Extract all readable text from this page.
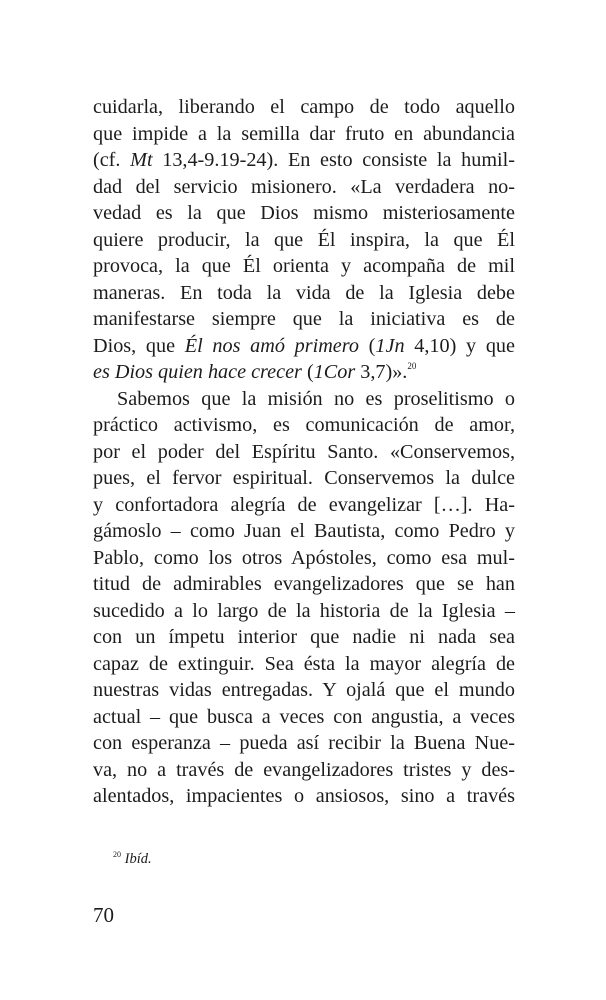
cuidarla, liberando el campo de todo aquello
que impide a la semilla dar fruto en abundancia
(cf. Mt 13,4-9.19-24). En esto consiste la humil-
dad del servicio misionero. «La verdadera no-
vedad es la que Dios mismo misteriosamente
quiere producir, la que Él inspira, la que Él
provoca, la que Él orienta y acompaña de mil
maneras. En toda la vida de la Iglesia debe
manifestarse siempre que la iniciativa es de
Dios, que Él nos amó primero (1Jn 4,10) y que
es Dios quien hace crecer (1Cor 3,7)».$^{20}$
Sabemos que la misión no es proselitismo o
práctico activismo, es comunicación de amor,
por el poder del Espíritu Santo. «Conservemos,
pues, el fervor espiritual. Conservemos la dulce
y confortadora alegría de evangelizar […]. Ha-
gámoslo – como Juan el Bautista, como Pedro y
Pablo, como los otros Apóstoles, como esa mul-
titud de admirables evangelizadores que se han
sucedido a lo largo de la historia de la Iglesia –
con un ímpetu interior que nadie ni nada sea
capaz de extinguir. Sea ésta la mayor alegría de
nuestras vidas entregadas. Y ojalá que el mundo
actual – que busca a veces con angustia, a veces
con esperanza – pueda así recibir la Buena Nue-
va, no a través de evangelizadores tristes y des-
alentados, impacientes o ansiosos, sino a través
$^{20}$ Ibíd.
70
